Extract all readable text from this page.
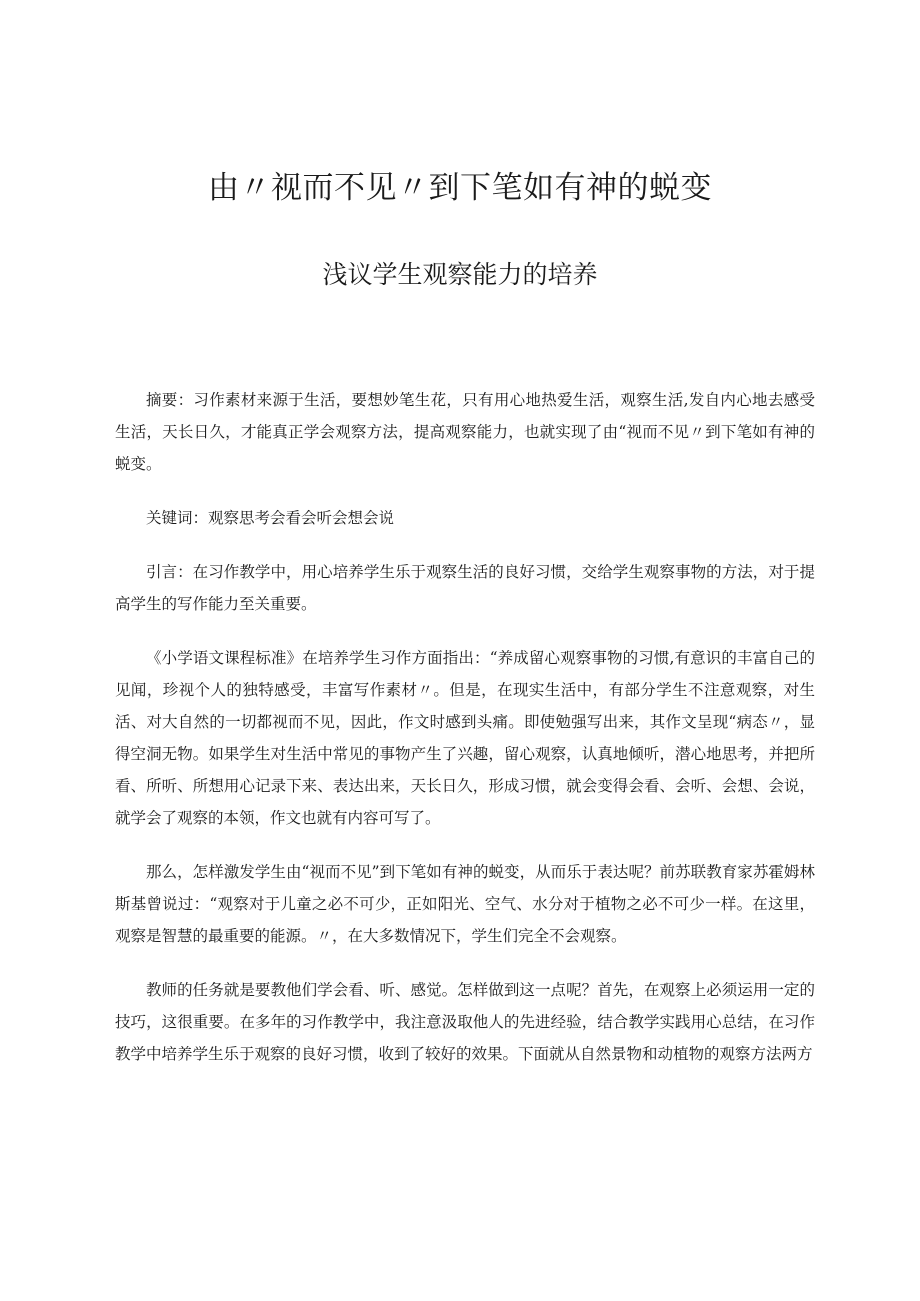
由〃视而不见〃到下笔如有神的蜕变
浅议学生观察能力的培养

摘要：习作素材来源于生活，要想妙笔生花，只有用心地热爱生活，观察生活,发自内心地去感受生活，天长日久，才能真正学会观察方法，提高观察能力，也就实现了由“视而不见〃到下笔如有神的蜕变。

关键词：观察思考会看会听会想会说

引言：在习作教学中，用心培养学生乐于观察生活的良好习惯，交给学生观察事物的方法，对于提高学生的写作能力至关重要。

《小学语文课程标准》在培养学生习作方面指出：“养成留心观察事物的习惯,有意识的丰富自己的见闻，珍视个人的独特感受，丰富写作素材〃。但是，在现实生活中，有部分学生不注意观察，对生活、对大自然的一切都视而不见，因此，作文时感到头痛。即使勉强写出来，其作文呈现“病态〃，显得空洞无物。如果学生对生活中常见的事物产生了兴趣，留心观察，认真地倾听，潜心地思考，并把所看、所听、所想用心记录下来、表达出来，天长日久，形成习惯，就会变得会看、会听、会想、会说，就学会了观察的本领，作文也就有内容可写了。

那么，怎样激发学生由“视而不见”到下笔如有神的蜕变，从而乐于表达呢？前苏联教育家苏霍姆林斯基曾说过：“观察对于儿童之必不可少，正如阳光、空气、水分对于植物之必不可少一样。在这里，观察是智慧的最重要的能源。〃，在大多数情况下，学生们完全不会观察。

教师的任务就是要教他们学会看、听、感觉。怎样做到这一点呢？首先，在观察上必须运用一定的技巧，这很重要。在多年的习作教学中，我注意汲取他人的先进经验，结合教学实践用心总结，在习作教学中培养学生乐于观察的良好习惯，收到了较好的效果。下面就从自然景物和动植物的观察方法两方
